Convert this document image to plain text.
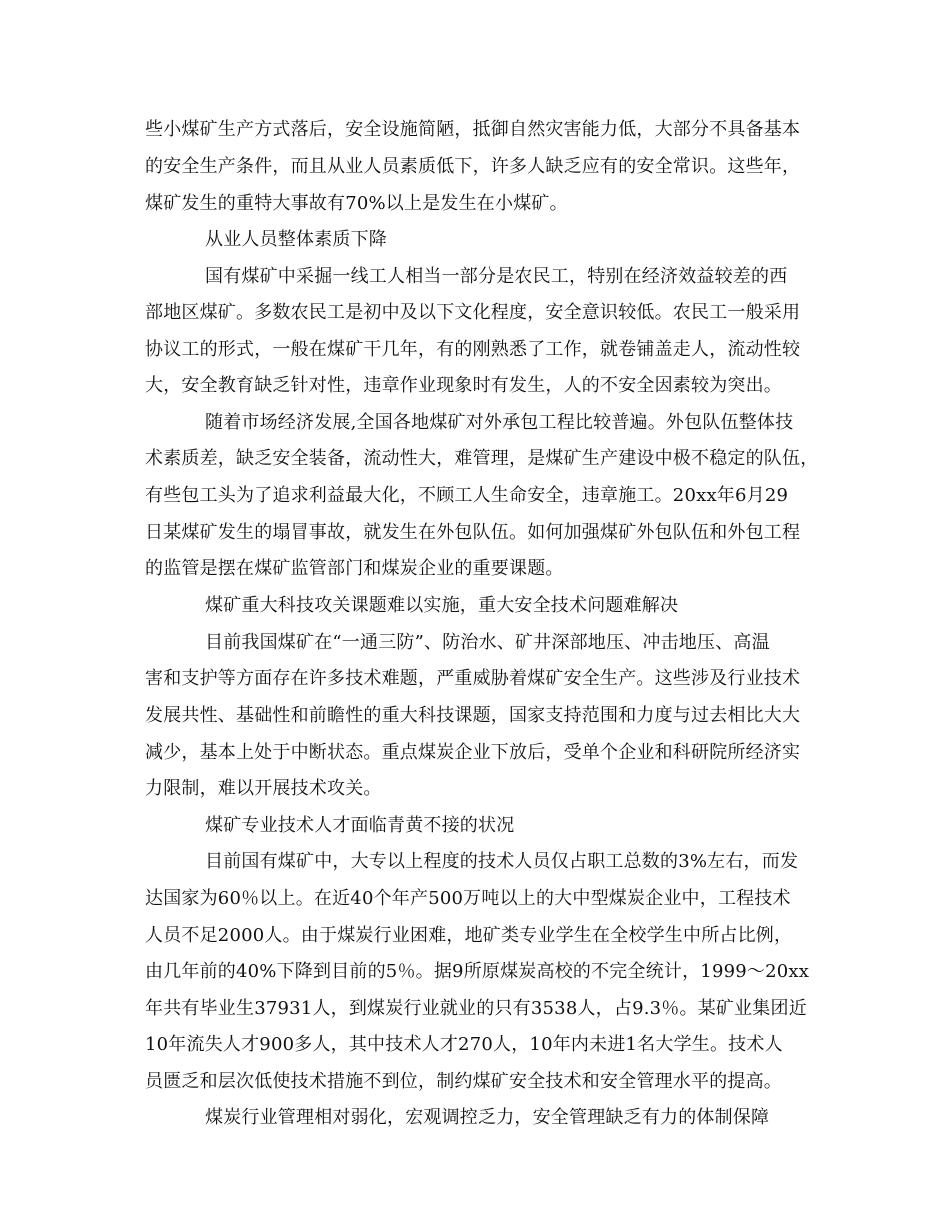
些小煤矿生产方式落后，安全设施简陋，抵御自然灾害能力低，大部分不具备基本
的安全生产条件，而且从业人员素质低下，许多人缺乏应有的安全常识。这些年，
煤矿发生的重特大事故有70%以上是发生在小煤矿。
从业人员整体素质下降
国有煤矿中采掘一线工人相当一部分是农民工，特别在经济效益较差的西
部地区煤矿。多数农民工是初中及以下文化程度，安全意识较低。农民工一般采用
协议工的形式，一般在煤矿干几年，有的刚熟悉了工作，就卷铺盖走人，流动性较
大，安全教育缺乏针对性，违章作业现象时有发生，人的不安全因素较为突出。
随着市场经济发展,全国各地煤矿对外承包工程比较普遍。外包队伍整体技
术素质差，缺乏安全装备，流动性大，难管理，是煤矿生产建设中极不稳定的队伍，
有些包工头为了追求利益最大化，不顾工人生命安全，违章施工。20xx年6月29
日某煤矿发生的塌冒事故，就发生在外包队伍。如何加强煤矿外包队伍和外包工程
的监管是摆在煤矿监管部门和煤炭企业的重要课题。
煤矿重大科技攻关课题难以实施，重大安全技术问题难解决
目前我国煤矿在“一通三防”、防治水、矿井深部地压、冲击地压、高温
害和支护等方面存在许多技术难题，严重威胁着煤矿安全生产。这些涉及行业技术
发展共性、基础性和前瞻性的重大科技课题，国家支持范围和力度与过去相比大大
减少，基本上处于中断状态。重点煤炭企业下放后，受单个企业和科研院所经济实
力限制，难以开展技术攻关。
煤矿专业技术人才面临青黄不接的状况
目前国有煤矿中，大专以上程度的技术人员仅占职工总数的3%左右，而发
达国家为60％以上。在近40个年产500万吨以上的大中型煤炭企业中，工程技术
人员不足2000人。由于煤炭行业困难，地矿类专业学生在全校学生中所占比例，
由几年前的40%下降到目前的5％。据9所原煤炭高校的不完全统计，1999～20xx
年共有毕业生37931人，到煤炭行业就业的只有3538人，占9.3％。某矿业集团近
10年流失人才900多人，其中技术人才270人，10年内未进1名大学生。技术人
员匮乏和层次低使技术措施不到位，制约煤矿安全技术和安全管理水平的提高。
煤炭行业管理相对弱化，宏观调控乏力，安全管理缺乏有力的体制保障
